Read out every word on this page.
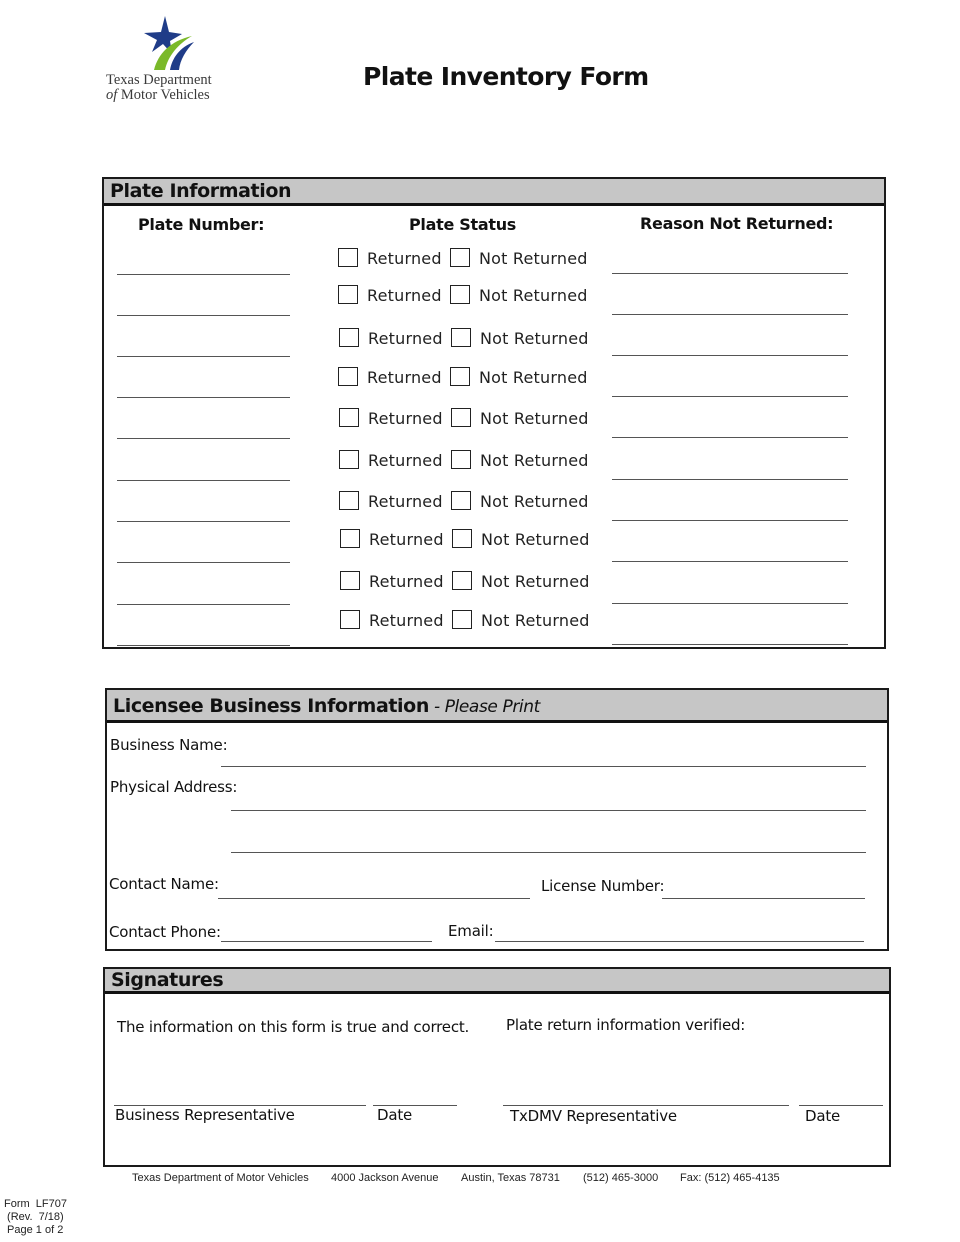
Texas Department
of Motor Vehicles
Plate Inventory Form
Plate Information
Plate Number:	Plate Status	Reason Not Returned:
Returned Not Returned
Returned Not Returned
Returned Not Returned
Returned Not Returned
Returned Not Returned
Returned Not Returned
Returned Not Returned
Returned Not Returned
Returned Not Returned
Returned Not Returned
Licensee Business Information - Please Print
Business Name:
Physical Address:
Contact Name:	License Number:
Contact Phone:	Email:
Signatures
The information on this form is true and correct. Plate return information verified:
Business Representative	Date	TxDMV Representative	Date
Texas Department of Motor Vehicles 4000 Jackson Avenue Austin, Texas 78731 (512) 465-3000 Fax: (512) 465-4135
Form  LF707
(Rev.  7/18)
Page 1 of 2
